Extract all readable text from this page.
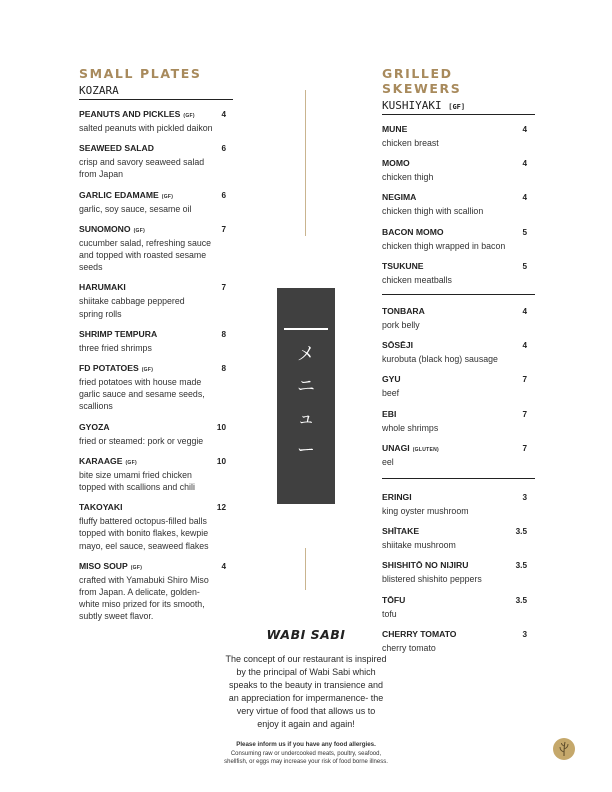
SMALL PLATES
KOZARA
PEANUTS AND PICKLES (GF)	4
salted peanuts with pickled daikon
SEAWEED SALAD	6
crisp and savory seaweed salad
from Japan
GARLIC EDAMAME (GF)	6
garlic, soy sauce, sesame oil
SUNOMONO (GF)	7
cucumber salad, refreshing sauce
and topped with roasted sesame
seeds
HARUMAKI	7
shiitake cabbage peppered
spring rolls
SHRIMP TEMPURA	8
three fried shrimps
FD POTATOES (GF)	8
fried potatoes with house made
garlic sauce and sesame seeds,
scallions
GYOZA	10
fried or steamed: pork or veggie
KARAAGE (GF)	10
bite size umami fried chicken
topped with scallions and chili
TAKOYAKI	12
fluffy battered octopus-filled balls
topped with bonito flakes, kewpie
mayo, eel sauce, seaweed flakes
MISO SOUP (GF)	4
crafted with Yamabuki Shiro Miso
from Japan. A delicate, golden-
white miso prized for its smooth,
subtly sweet flavor.
GRILLED SKEWERS
KUSHIYAKI [GF]
MUNE	4
chicken breast
MOMO	4
chicken thigh
NEGIMA	4
chicken thigh with scallion
BACON MOMO	5
chicken thigh wrapped in bacon
TSUKUNE	5
chicken meatballs
TONBARA	4
pork belly
SŌSĒJI	4
kurobuta (black hog) sausage
GYU	7
beef
EBI	7
whole shrimps
UNAGI (GLUTEN)	7
eel
ERINGI	3
king oyster mushroom
SHĪTAKE	3.5
shiitake mushroom
SHISHITŌ NO NIJIRU	3.5
blistered shishito peppers
TŌFU	3.5
tofu
CHERRY TOMATO	3
cherry tomato
メ
ニ
ュ
ー
WABI SABI
The concept of our restaurant is inspired
by the principal of Wabi Sabi which
speaks to the beauty in transience and
an appreciation for impermanence- the
very virtue of food that allows us to
enjoy it again and again!
Please inform us if you have any food allergies.
Consuming raw or undercooked meats, poultry, seafood,
shellfish, or eggs may increase your risk of food borne illness.
